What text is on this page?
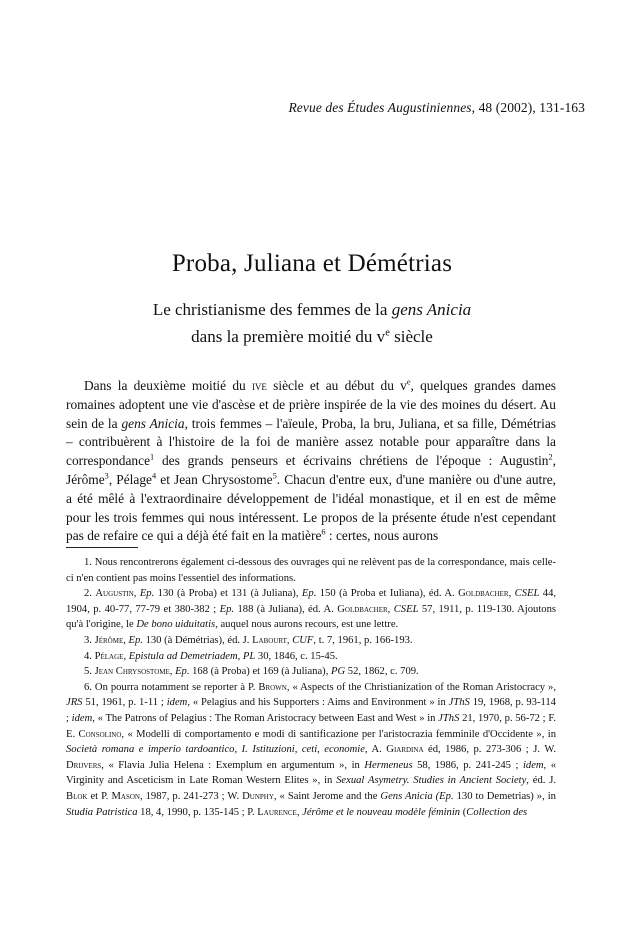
Revue des Études Augustiniennes, 48 (2002), 131-163
Proba, Juliana et Démétrias
Le christianisme des femmes de la gens Anicia
dans la première moitié du $v^e$ siècle

Dans la deuxième moitié du ive siècle et au début du $v^e$, quelques grandes dames romaines adoptent une vie d'ascèse et de prière inspirée de la vie des moines du désert. Au sein de la gens Anicia, trois femmes – l'aïeule, Proba, la bru, Juliana, et sa fille, Démétrias – contribuèrent à l'histoire de la foi de manière assez notable pour apparaître dans la correspondance$^1$ des grands penseurs et écrivains chrétiens de l'époque : Augustin$^2$, Jérôme$^3$, Pélage$^4$ et Jean Chrysostome$^5$. Chacun d'entre eux, d'une manière ou d'une autre, a été mêlé à l'extraordinaire développement de l'idéal monastique, et il en est de même pour les trois femmes qui nous intéressent. Le propos de la présente étude n'est cependant pas de refaire ce qui a déjà été fait en la matière$^6$ : certes, nous aurons

1. Nous rencontrerons également ci-dessous des ouvrages qui ne relèvent pas de la correspondance, mais celle-ci n'en contient pas moins l'essentiel des informations.

2. Augustin, Ep. 130 (à Proba) et 131 (à Juliana), Ep. 150 (à Proba et Iuliana), éd. A. Goldbacher, CSEL 44, 1904, p. 40-77, 77-79 et 380-382 ; Ep. 188 (à Juliana), éd. A. Goldbacher, CSEL 57, 1911, p. 119-130. Ajoutons qu'à l'origine, le De bono uiduitatis, auquel nous aurons recours, est une lettre.

3. Jérôme, Ep. 130 (à Démétrias), éd. J. Labourt, CUF, t. 7, 1961, p. 166-193.

4. Pélage, Epistula ad Demetriadem, PL 30, 1846, c. 15-45.

5. Jean Chrysostome, Ep. 168 (à Proba) et 169 (à Juliana), PG 52, 1862, c. 709.

6. On pourra notamment se reporter à P. Brown, « Aspects of the Christianization of the Roman Aristocracy », JRS 51, 1961, p. 1-11 ; idem, « Pelagius and his Supporters : Aims and Environment » in JThS 19, 1968, p. 93-114 ; idem, « The Patrons of Pelagius : The Roman Aristocracy between East and West » in JThS 21, 1970, p. 56-72 ; F. E. Consolino, « Modelli di comportamento e modi di santificazione per l'aristocrazia femminile d'Occidente », in Società romana e imperio tardoantico, I. Istituzioni, ceti, economie, A. Giardina éd, 1986, p. 273-306 ; J. W. Drijvers, « Flavia Julia Helena : Exemplum en argumentum », in Hermeneus 58, 1986, p. 241-245 ; idem, « Virginity and Asceticism in Late Roman Western Elites », in Sexual Asymetry. Studies in Ancient Society, éd. J. Blok et P. Mason, 1987, p. 241-273 ; W. Dunphy, « Saint Jerome and the Gens Anicia (Ep. 130 to Demetrias) », in Studia Patristica 18, 4, 1990, p. 135-145 ; P. Laurence, Jérôme et le nouveau modèle féminin (Collection des
